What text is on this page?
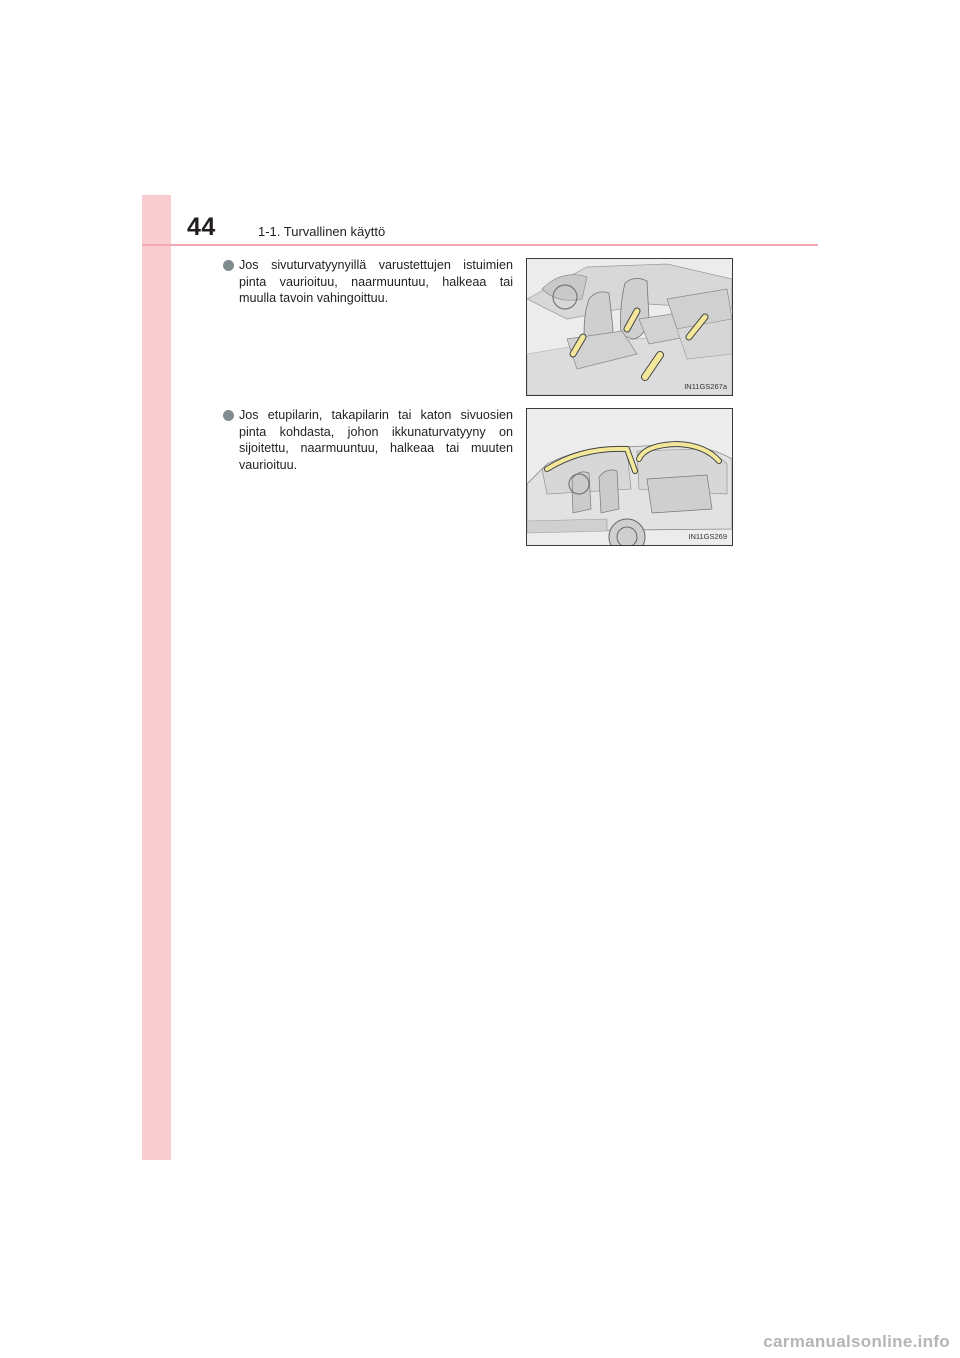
44	1-1. Turvallinen käyttö
Jos sivuturvatyynyillä varustettujen istuimien pinta vaurioituu, naarmuuntuu, halkeaa tai muulla tavoin vahingoittuu.
IN11GS267a
Jos etupilarin, takapilarin tai katon sivuosien pinta kohdasta, johon ikkunaturvatyyny on sijoitettu, naarmuuntuu, halkeaa tai muuten vaurioituu.
IN11GS269
carmanualsonline.info
